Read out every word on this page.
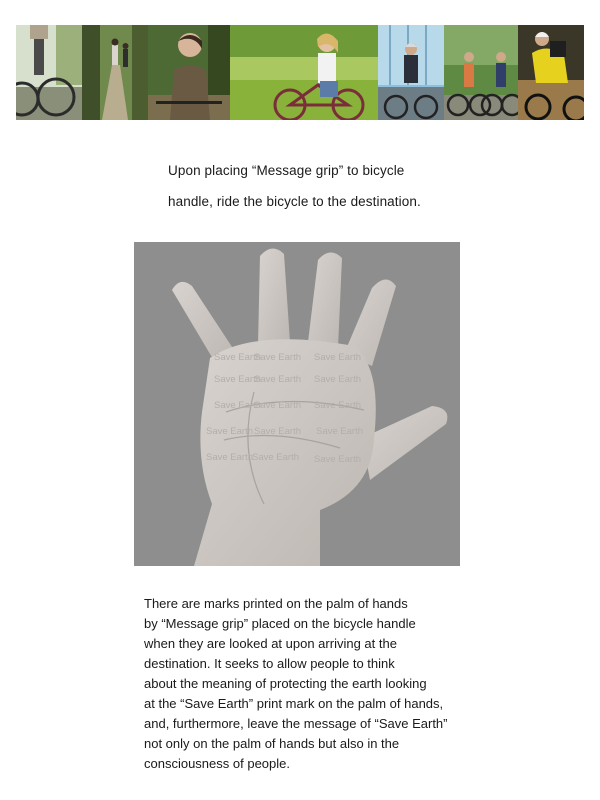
Upon placing “Message grip” to bicycle

handle, ride the bicycle to the destination.

Save Earth
Save Earth Save Earth
Save Earth
Save Earth Save Earth
Save Earth
Save Earth Save Earth
Save Earth Save Earth Save Earth
Save Earth Save Earth Save Earth

There are marks printed on the palm of hands

by “Message grip” placed on the bicycle handle

when they are looked at upon arriving at the

destination. It seeks to allow people to think

about the meaning of protecting the earth looking

at the “Save Earth” print mark on the palm of hands,

and, furthermore, leave the message of “Save Earth”

not only on the palm of hands but also in the

consciousness of people.
